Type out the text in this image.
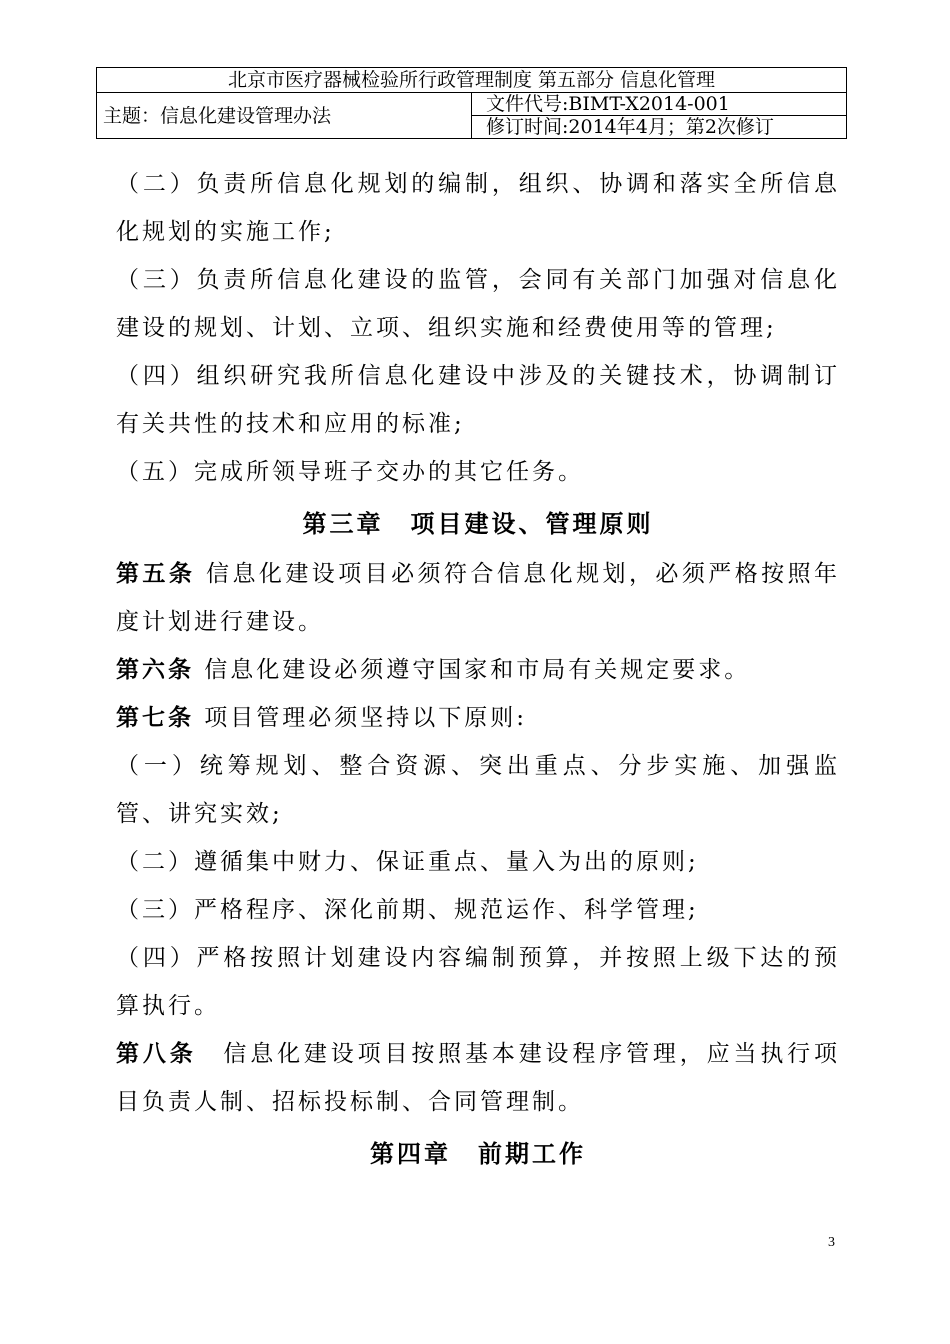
北京市医疗器械检验所行政管理制度 第五部分 信息化管理
主题：信息化建设管理办法	文件代号:BIMT-X2014-001
修订时间:2014年4月；第2次修订

（二）负责所信息化规划的编制，组织、协调和落实全所信息化规划的实施工作;

（三）负责所信息化建设的监管，会同有关部门加强对信息化建设的规划、计划、立项、组织实施和经费使用等的管理;

（四）组织研究我所信息化建设中涉及的关键技术，协调制订有关共性的技术和应用的标准;

（五）完成所领导班子交办的其它任务。

第三章　项目建设、管理原则

第五条 信息化建设项目必须符合信息化规划，必须严格按照年度计划进行建设。

第六条 信息化建设必须遵守国家和市局有关规定要求。

第七条 项目管理必须坚持以下原则:

（一）统筹规划、整合资源、突出重点、分步实施、加强监管、讲究实效;

（二）遵循集中财力、保证重点、量入为出的原则;

（三）严格程序、深化前期、规范运作、科学管理;

（四）严格按照计划建设内容编制预算，并按照上级下达的预算执行。

第八条　信息化建设项目按照基本建设程序管理，应当执行项目负责人制、招标投标制、合同管理制。

第四章　前期工作
3
